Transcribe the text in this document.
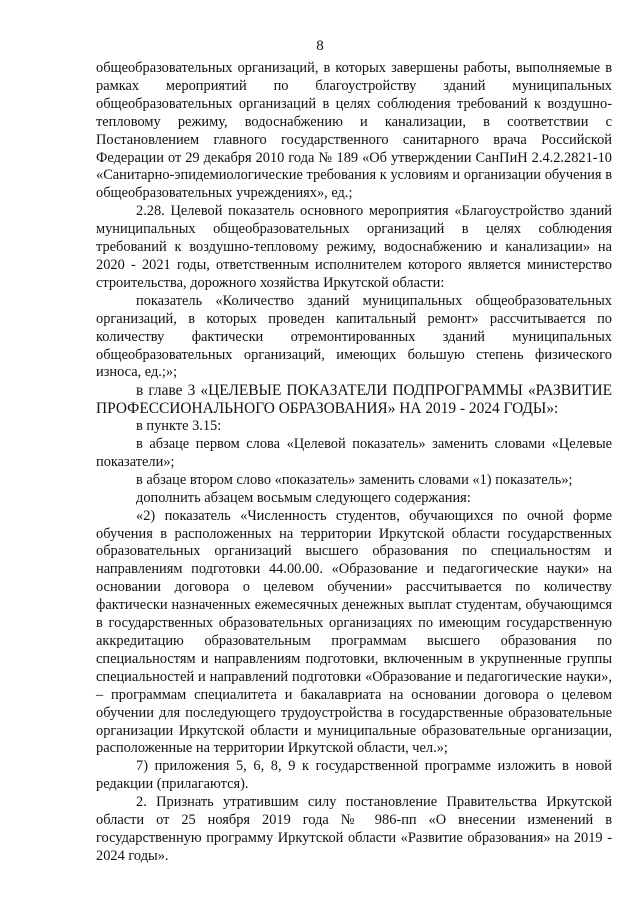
8

общеобразовательных организаций, в которых завершены работы, выполняемые в рамках мероприятий по благоустройству зданий муниципальных общеобразовательных организаций в целях соблюдения требований к воздушно-тепловому режиму, водоснабжению и канализации, в соответствии с Постановлением главного государственного санитарного врача Российской Федерации от 29 декабря 2010 года № 189 «Об утверждении СанПиН 2.4.2.2821-10 «Санитарно-эпидемиологические требования к условиям и организации обучения в общеобразовательных учреждениях», ед.;

2.28. Целевой показатель основного мероприятия «Благоустройство зданий муниципальных общеобразовательных организаций в целях соблюдения требований к воздушно-тепловому режиму, водоснабжению и канализации» на 2020 - 2021 годы, ответственным исполнителем которого является министерство строительства, дорожного хозяйства Иркутской области:

показатель «Количество зданий муниципальных общеобразовательных организаций, в которых проведен капитальный ремонт» рассчитывается по количеству фактически отремонтированных зданий муниципальных общеобразовательных организаций, имеющих большую степень физического износа, ед.;»;

в главе 3 «ЦЕЛЕВЫЕ ПОКАЗАТЕЛИ ПОДПРОГРАММЫ «РАЗВИТИЕ ПРОФЕССИОНАЛЬНОГО ОБРАЗОВАНИЯ» НА 2019 - 2024 ГОДЫ»:

в пункте 3.15:

в абзаце первом слова «Целевой показатель» заменить словами «Целевые показатели»;

в абзаце втором слово «показатель» заменить словами «1) показатель»;

дополнить абзацем восьмым следующего содержания:

«2) показатель «Численность студентов, обучающихся по очной форме обучения в расположенных на территории Иркутской области государственных образовательных организаций высшего образования по специальностям и направлениям подготовки 44.00.00. «Образование и педагогические науки» на основании договора о целевом обучении» рассчитывается по количеству фактически назначенных ежемесячных денежных выплат студентам, обучающимся в государственных образовательных организациях по имеющим государственную аккредитацию образовательным программам высшего образования по специальностям и направлениям подготовки, включенным в укрупненные группы специальностей и направлений подготовки «Образование и педагогические науки», – программам специалитета и бакалавриата на основании договора о целевом обучении для последующего трудоустройства в государственные образовательные организации Иркутской области и муниципальные образовательные организации, расположенные на территории Иркутской области, чел.»;

7) приложения 5, 6, 8, 9 к государственной программе изложить в новой редакции (прилагаются).

2. Признать утратившим силу постановление Правительства Иркутской области от 25 ноября 2019 года № 986-пп «О внесении изменений в государственную программу Иркутской области «Развитие образования» на 2019 - 2024 годы».
